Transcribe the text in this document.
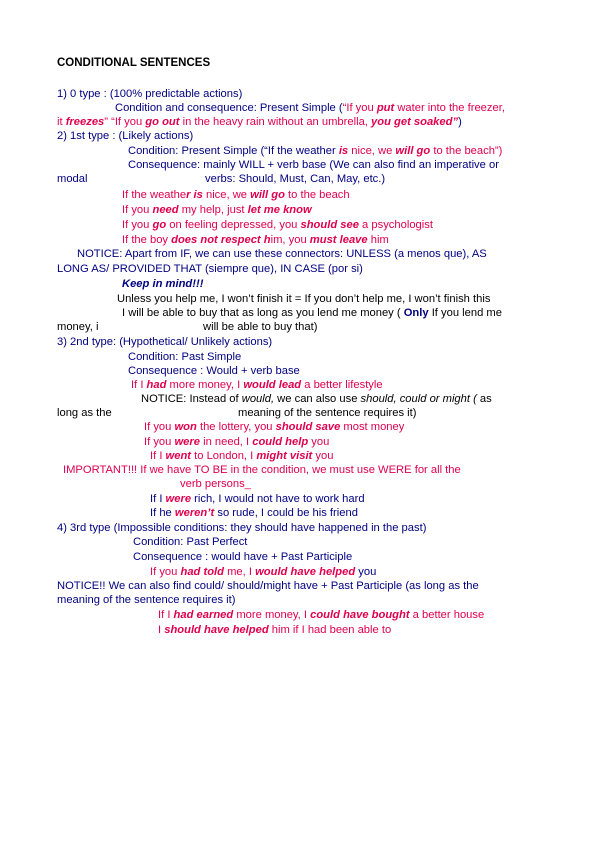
CONDITIONAL SENTENCES
1) 0 type : (100% predictable actions)
Condition and consequence: Present Simple (“If you put water into the freezer,
it freezes” “If you go out in the heavy rain without an umbrella, you get soaked”)
2) 1st type : (Likely actions)
Condition: Present Simple (“If the weather is nice, we will go to the beach”)
Consequence: mainly WILL + verb base (We can also find an imperative or
modal	verbs: Should, Must, Can, May, etc.)
If the weather is nice, we will go to the beach
If you need my help, just let me know
If you go on feeling depressed, you should see a psychologist
If the boy does not respect him, you must leave him
NOTICE: Apart from IF, we can use these connectors: UNLESS (a menos que), AS
LONG AS/ PROVIDED THAT (siempre que), IN CASE (por si)
Keep in mind!!!
Unless you help me, I won’t finish it = If you don’t help me, I won’t finish this
I will be able to buy that as long as you lend me money ( Only If you lend me
money, i	will be able to buy that)
3) 2nd type: (Hypothetical/ Unlikely actions)
Condition: Past Simple
Consequence : Would + verb base
If I had more money, I would lead a better lifestyle
NOTICE: Instead of would, we can also use should, could or might ( as
long as the	meaning of the sentence requires it)
If you won the lottery, you should save most money
If you were in need, I could help you
If I went to London, I might visit you
IMPORTANT!!! If we have TO BE in the condition, we must use WERE for all the
verb persons_
If I were rich, I would not have to work hard
If he weren’t so rude, I could be his friend
4) 3rd type (Impossible conditions: they should have happened in the past)
Condition: Past Perfect
Consequence : would have + Past Participle
If you had told me, I would have helped you
NOTICE!! We can also find could/ should/might have + Past Participle (as long as the
meaning of the sentence requires it)
If I had earned more money, I could have bought a better house
I should have helped him if I had been able to
